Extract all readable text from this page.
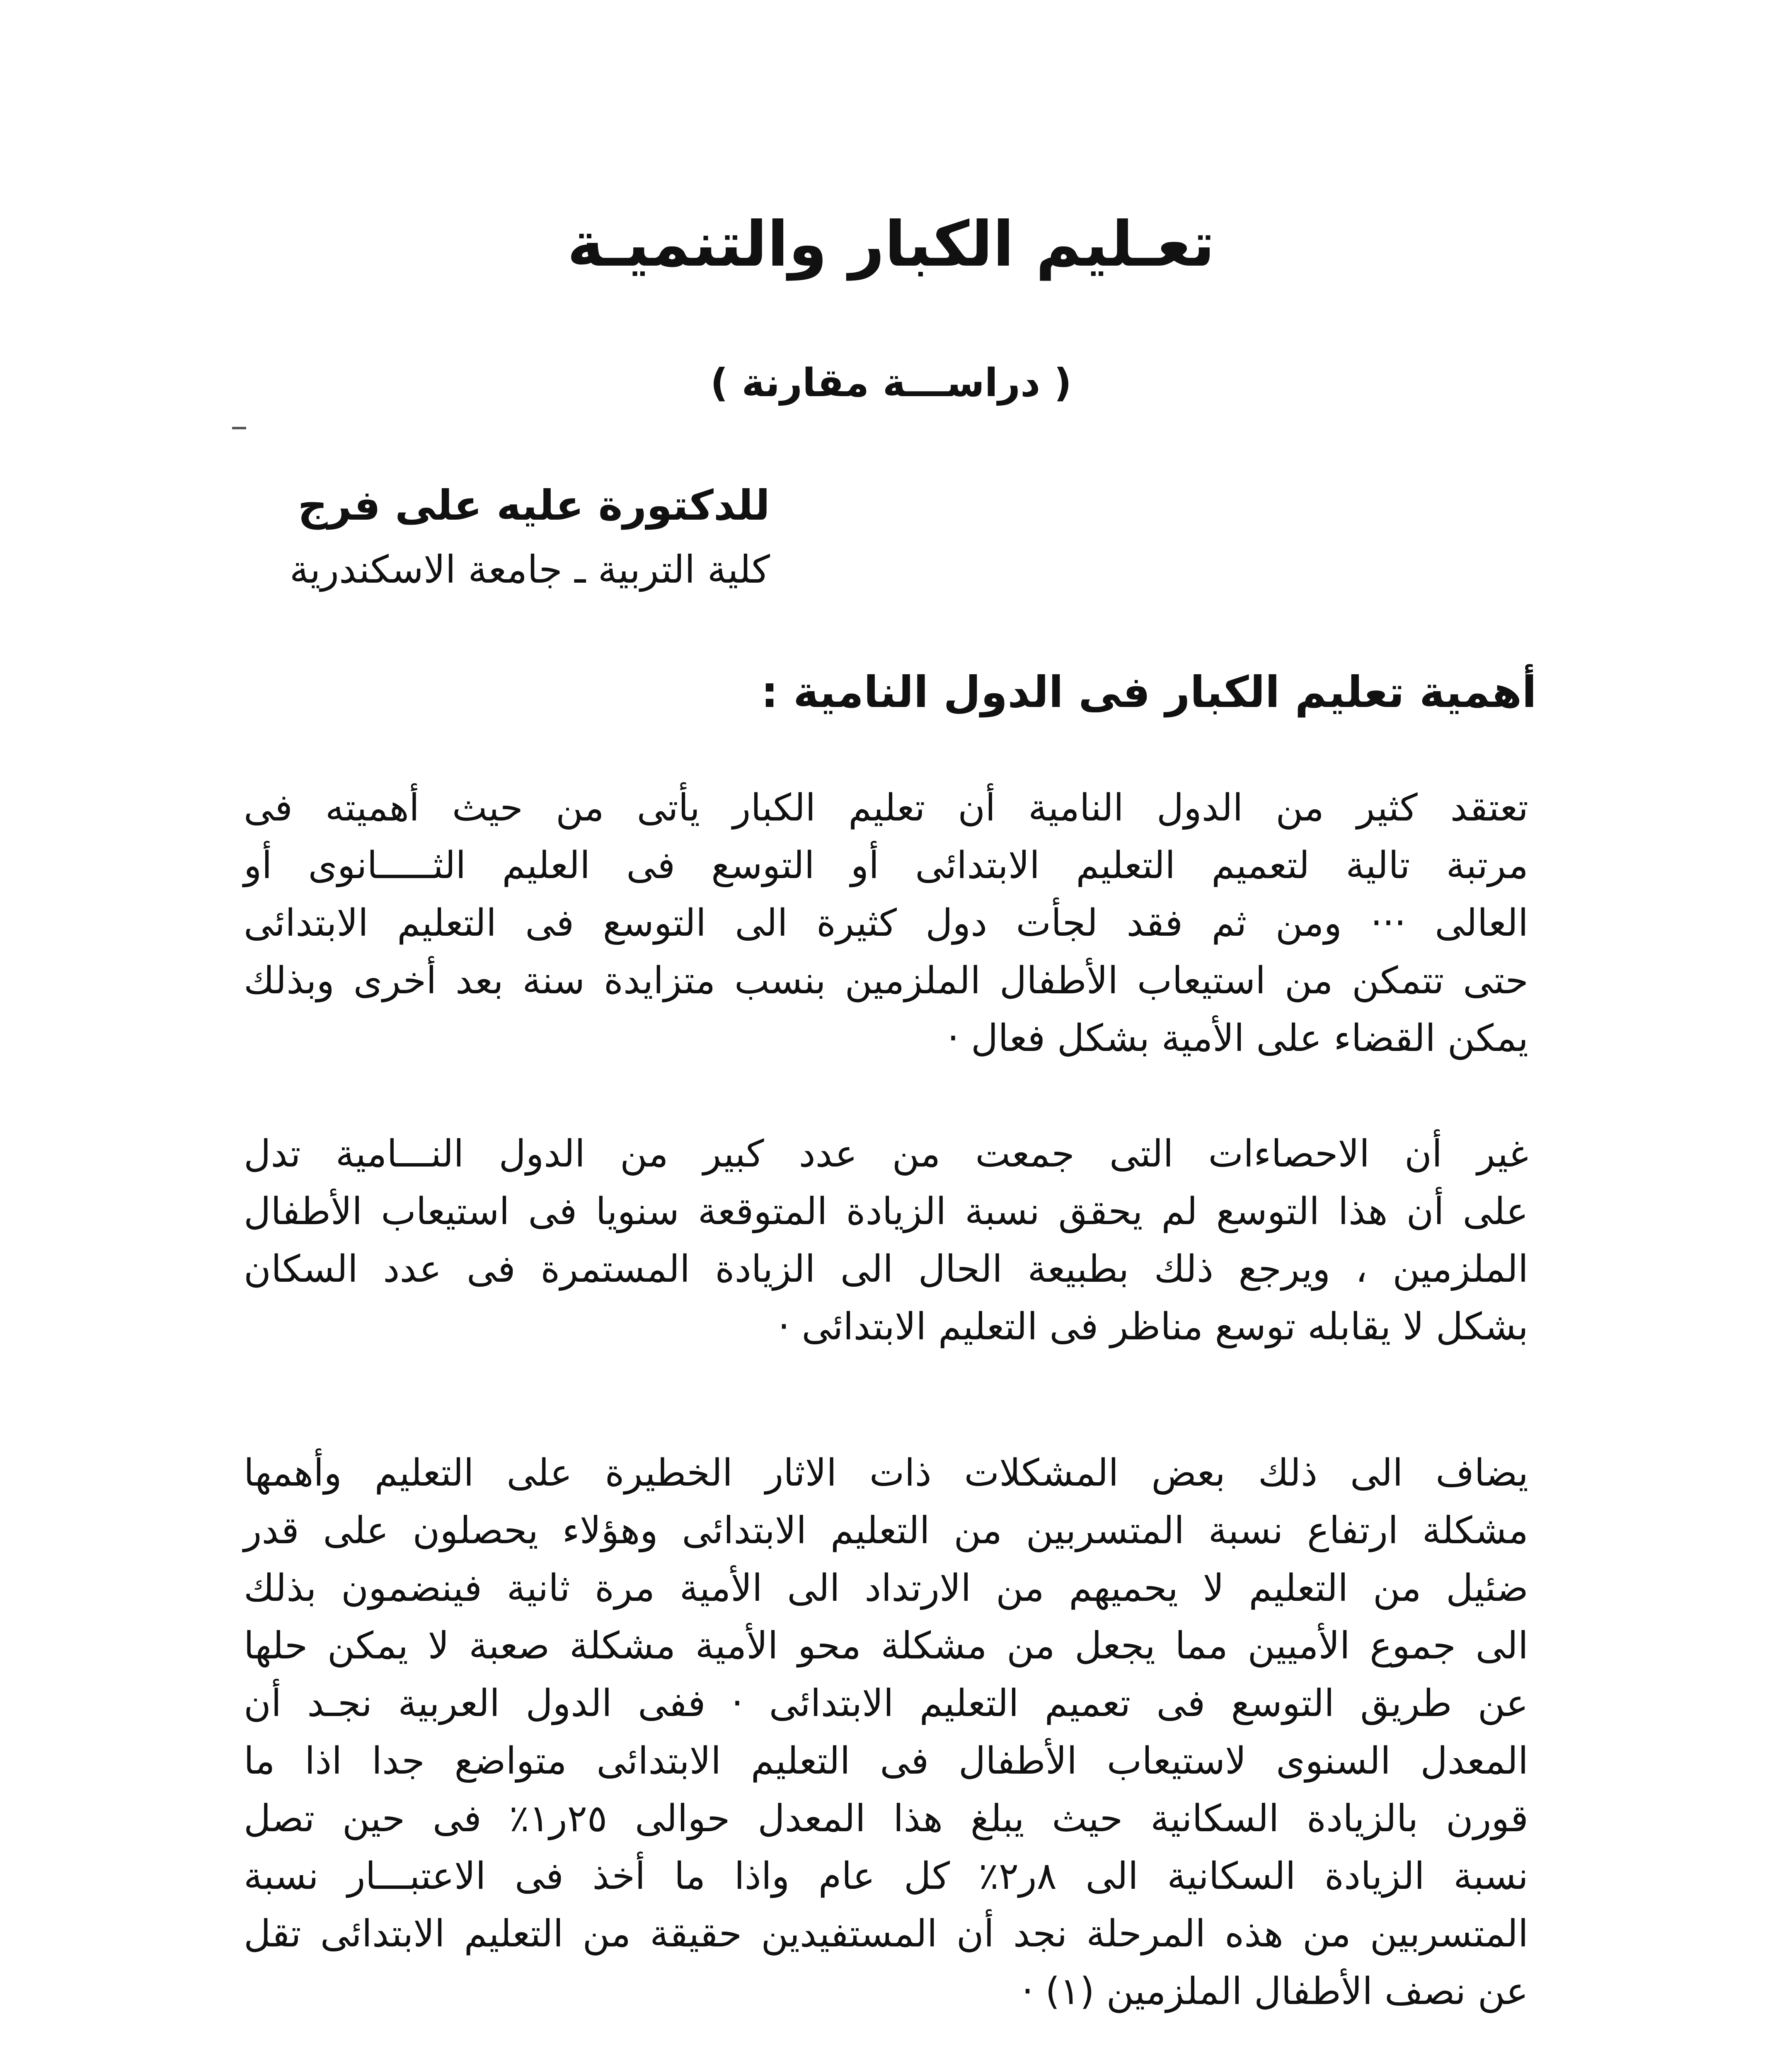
تعـليم الكبار والتنميـة
( دراســـة مقارنة )
للدكتورة عليه على فرج
كلية التربية ـ جامعة الاسكندرية
أهمية تعليم الكبار فى الدول النامية :
تعتقد كثير من الدول النامية أن تعليم الكبار يأتى من حيث أهميته فى
مرتبة تالية لتعميم التعليم الابتدائى أو التوسع فى العليم الثـــــانوى أو
العالى ··· ومن ثم فقد لجأت دول كثيرة الى التوسع فى التعليم الابتدائى
حتى تتمكن من استيعاب الأطفال الملزمين بنسب متزايدة سنة بعد أخرى وبذلك
يمكن القضاء على الأمية بشكل فعال ·
غير أن الاحصاءات التى جمعت من عدد كبير من الدول النـــامية تدل
على أن هذا التوسع لم يحقق نسبة الزيادة المتوقعة سنويا فى استيعاب الأطفال
الملزمين ، ويرجع ذلك بطبيعة الحال الى الزيادة المستمرة فى عدد السكان
بشكل لا يقابله توسع مناظر فى التعليم الابتدائى ·
يضاف الى ذلك بعض المشكلات ذات الاثار الخطيرة على التعليم وأهمها
مشكلة ارتفاع نسبة المتسربين من التعليم الابتدائى وهؤلاء يحصلون على قدر
ضئيل من التعليم لا يحميهم من الارتداد الى الأمية مرة ثانية فينضمون بذلك
الى جموع الأميين مما يجعل من مشكلة محو الأمية مشكلة صعبة لا يمكن حلها
عن طريق التوسع فى تعميم التعليم الابتدائى · ففى الدول العربية نجـد أن
المعدل السنوى لاستيعاب الأطفال فى التعليم الابتدائى متواضع جدا اذا ما
قورن بالزيادة السكانية حيث يبلغ هذا المعدل حوالى ٢٥ر١٪ فى حين تصل
نسبة الزيادة السكانية الى ٨ر٢٪ كل عام واذا ما أخذ فى الاعتبـــار نسبة
المتسربين من هذه المرحلة نجد أن المستفيدين حقيقة من التعليم الابتدائى تقل
عن نصف الأطفال الملزمين (١) ·
